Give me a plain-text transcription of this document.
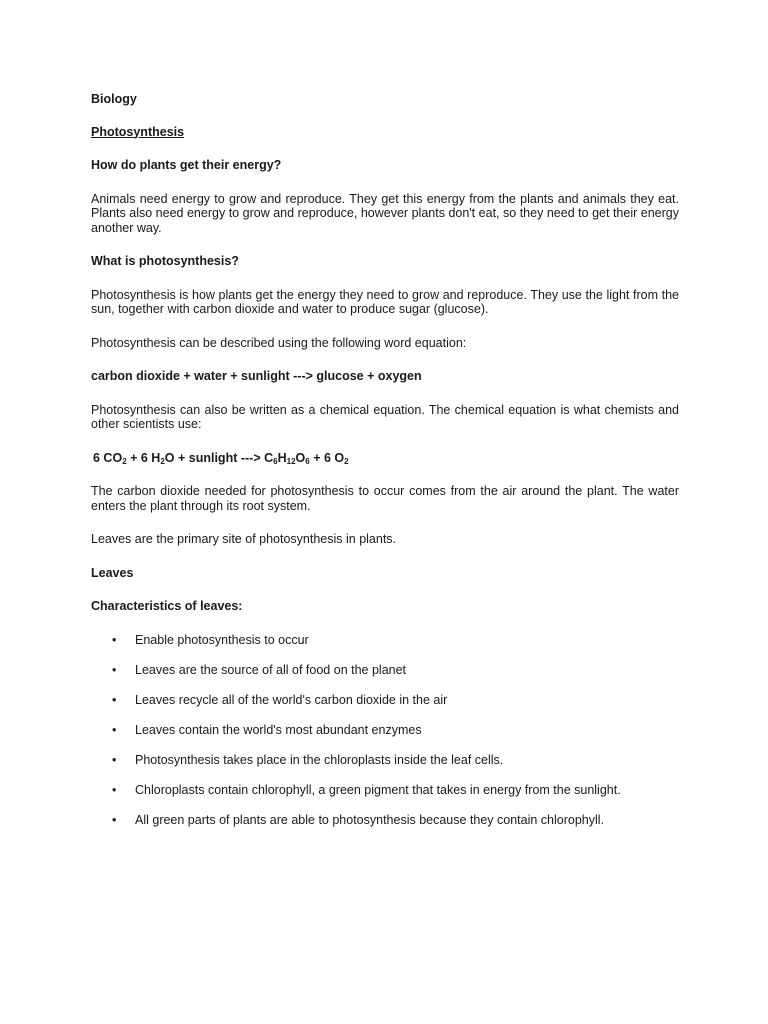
Biology

Photosynthesis

How do plants get their energy?

Animals need energy to grow and reproduce. They get this energy from the plants and animals they eat. Plants also need energy to grow and reproduce, however plants don't eat, so they need to get their energy another way.

What is photosynthesis?

Photosynthesis is how plants get the energy they need to grow and reproduce. They use the light from the sun, together with carbon dioxide and water to produce sugar (glucose).

Photosynthesis can be described using the following word equation:

carbon dioxide + water + sunlight ---> glucose + oxygen

Photosynthesis can also be written as a chemical equation. The chemical equation is what chemists and other scientists use:

6 $CO_2 + 6$ $H_2O$ + sunlight ---> $C_6H_{12}O_6 + 6$ $O_2$

The carbon dioxide needed for photosynthesis to occur comes from the air around the plant. The water enters the plant through its root system.

Leaves are the primary site of photosynthesis in plants.

Leaves

Characteristics of leaves:

• Enable photosynthesis to occur
• Leaves are the source of all of food on the planet
• Leaves recycle all of the world's carbon dioxide in the air
• Leaves contain the world's most abundant enzymes
• Photosynthesis takes place in the chloroplasts inside the leaf cells.
• Chloroplasts contain chlorophyll, a green pigment that takes in energy from the sunlight.
• All green parts of plants are able to photosynthesis because they contain chlorophyll.
